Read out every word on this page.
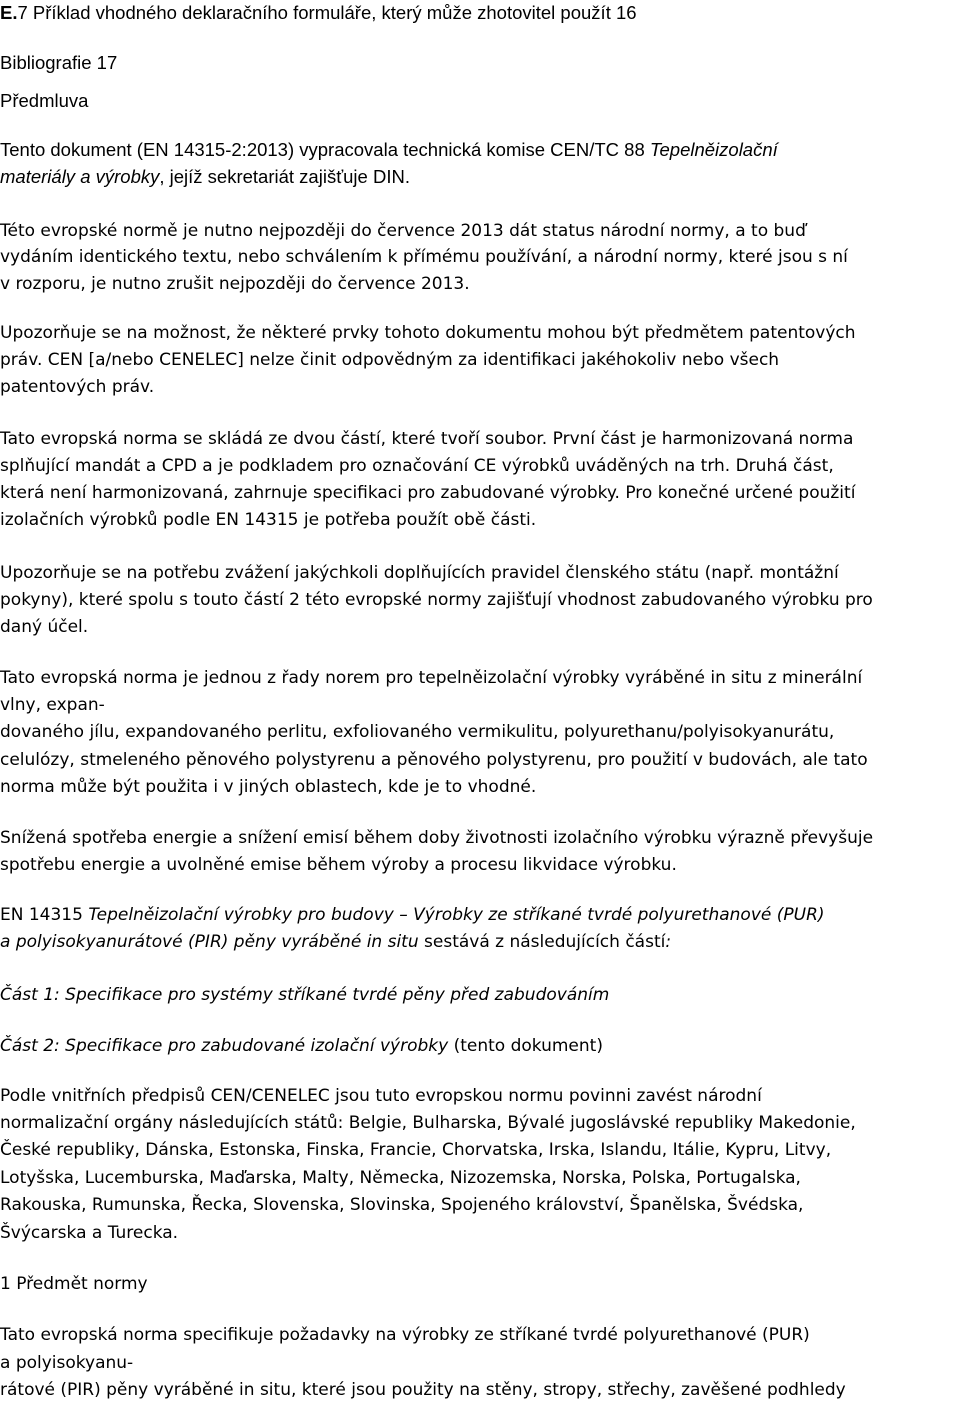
E.7 Příklad vhodného deklaračního formuláře, který může zhotovitel použít 16
Bibliografie 17
Předmluva
Tento dokument (EN 14315-2:2013) vypracovala technická komise CEN/TC 88 Tepelněizolační
materiály a výrobky, jejíž sekretariát zajišťuje DIN.
Této evropské normě je nutno nejpozději do července 2013 dát status národní normy, a to buď
vydáním identického textu, nebo schválením k přímému používání, a národní normy, které jsou s ní
v rozporu, je nutno zrušit nejpozději do července 2013.
Upozorňuje se na možnost, že některé prvky tohoto dokumentu mohou být předmětem patentových
práv. CEN [a/nebo CENELEC] nelze činit odpovědným za identifikaci jakéhokoliv nebo všech
patentových práv.
Tato evropská norma se skládá ze dvou částí, které tvoří soubor. První část je harmonizovaná norma
splňující mandát a CPD a je podkladem pro označování CE výrobků uváděných na trh. Druhá část,
která není harmonizovaná, zahrnuje specifikaci pro zabudované výrobky. Pro konečné určené použití
izolačních výrobků podle EN 14315 je potřeba použít obě části.
Upozorňuje se na potřebu zvážení jakýchkoli doplňujících pravidel členského státu (např. montážní
pokyny), které spolu s touto částí 2 této evropské normy zajišťují vhodnost zabudovaného výrobku pro
daný účel.
Tato evropská norma je jednou z řady norem pro tepelněizolační výrobky vyráběné in situ z minerální
vlny, expan-
dovaného jílu, expandovaného perlitu, exfoliovaného vermikulitu, polyurethanu/polyisokyanurátu,
celulózy, stmeleného pěnového polystyrenu a pěnového polystyrenu, pro použití v budovách, ale tato
norma může být použita i v jiných oblastech, kde je to vhodné.
Snížená spotřeba energie a snížení emisí během doby životnosti izolačního výrobku výrazně převyšuje
spotřebu energie a uvolněné emise během výroby a procesu likvidace výrobku.
EN 14315 Tepelněizolační výrobky pro budovy – Výrobky ze stříkané tvrdé polyurethanové (PUR)
a polyisokyanurátové (PIR) pěny vyráběné in situ sestává z následujících částí:
Část 1: Specifikace pro systémy stříkané tvrdé pěny před zabudováním
Část 2: Specifikace pro zabudované izolační výrobky (tento dokument)
Podle vnitřních předpisů CEN/CENELEC jsou tuto evropskou normu povinni zavést národní
normalizační orgány následujících států: Belgie, Bulharska, Bývalé jugoslávské republiky Makedonie,
České republiky, Dánska, Estonska, Finska, Francie, Chorvatska, Irska, Islandu, Itálie, Kypru, Litvy,
Lotyšska, Lucemburska, Maďarska, Malty, Německa, Nizozemska, Norska, Polska, Portugalska,
Rakouska, Rumunska, Řecka, Slovenska, Slovinska, Spojeného království, Španělska, Švédska,
Švýcarska a Turecka.
1 Předmět normy
Tato evropská norma specifikuje požadavky na výrobky ze stříkané tvrdé polyurethanové (PUR)
a polyisokyanu-
rátové (PIR) pěny vyráběné in situ, které jsou použity na stěny, stropy, střechy, zavěšené podhledy
